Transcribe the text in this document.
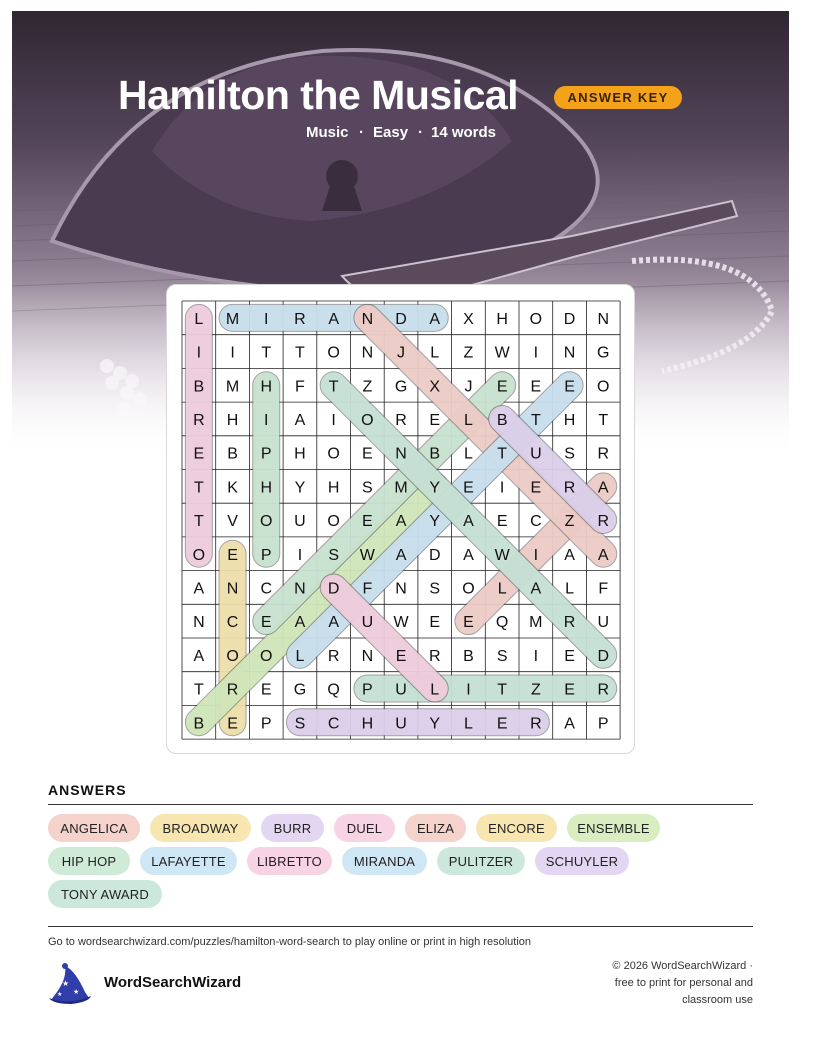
Hamilton the Musical	ANSWER KEY
Music · Easy · 14 words
L M I R A N D A X H O D N
I I T T O N J L Z W I N G
B M H F T Z G X J E E E O
R H I A I O R E L B T H T
E B P H O E N B L T U S R
T K H Y H S M Y E I E R A
T V O U O E A Y A E C Z R
O E P I S W A D A W I A A
A N C N D F N S O L A L F
N C E A A U W E E Q M R U
A O O L R N E R B S I E D
T R E G Q P U L I T Z E R
B E P S C H U Y L E R A P
ANSWERS
ANGELICA	BROADWAY	BURR	DUEL	ELIZA	ENCORE	ENSEMBLE
HIP HOP	LAFAYETTE	LIBRETTO	MIRANDA	PULITZER	SCHUYLER
TONY AWARD
Go to wordsearchwizard.com/puzzles/hamilton-word-search to play online or print in high resolution
★
★
★
WordSearchWizard
© 2026 WordSearchWizard ·
free to print for personal and
classroom use
